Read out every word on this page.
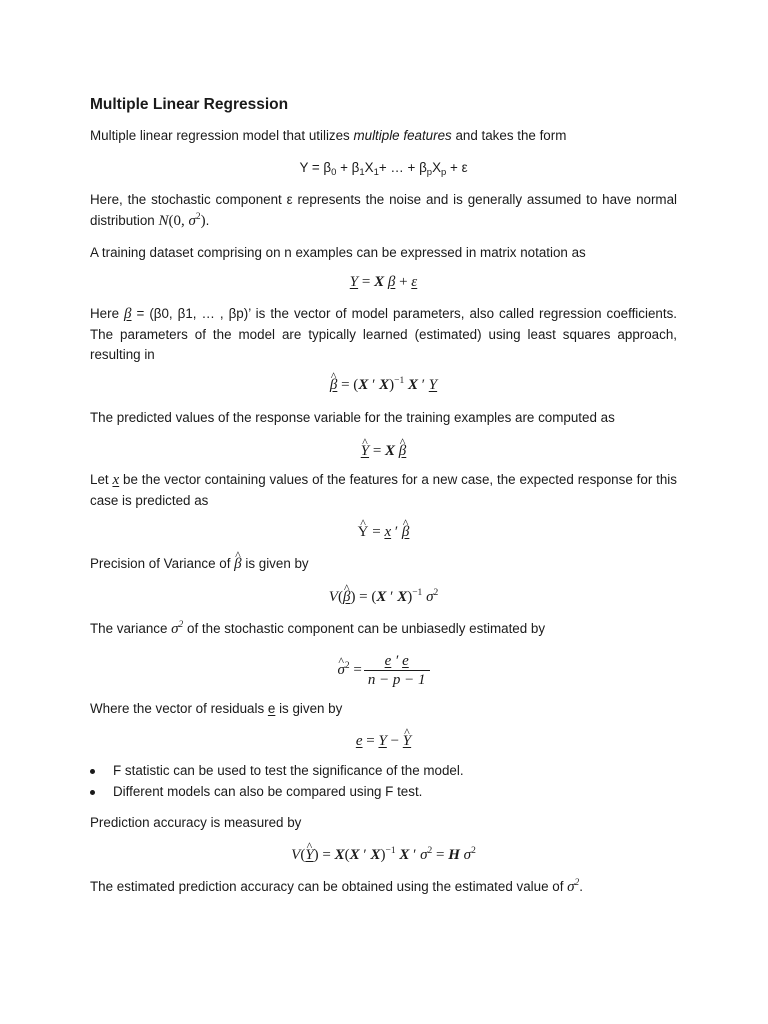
Multiple Linear Regression
Multiple linear regression model that utilizes multiple features and takes the form
$Y = \beta_0 + \beta_1X_1+$ … + $\beta_pX_p + \varepsilon$
Here, the stochastic component ε represents the noise and is generally assumed to have normal distribution N(0, $\sigma^2$).
A training dataset comprising on n examples can be expressed in matrix notation as
Y = X β + ε
Here β = (β0, β1, … , βp)’ is the vector of model parameters, also called regression coefficients. The parameters of the model are typically learned (estimated) using least squares approach, resulting in
^ β = (X ′ X)$^{-1}$ X ′ Y
The predicted values of the response variable for the training examples are computed as
^ Y = X ^ β
Let x be the vector containing values of the features for a new case, the expected response for this case is predicted as
^ Y = x ′ ^ β
Precision of Variance of ^ β is given by
V(^ β) = (X ′ X)$^{-1}$ $\sigma^2$
The variance $\sigma^2$ of the stochastic component can be unbiasedly estimated by
^ $\sigma^2 = \frac{e ' e}{n - p - 1}$
Where the vector of residuals e is given by
e = Y − ^ Y
F statistic can be used to test the significance of the model.
Different models can also be compared using F test.
Prediction accuracy is measured by
V(^ Y) = X(X ′ X)$^{-1}$ X ′ $\sigma^2 = H$ $\sigma^2$
The estimated prediction accuracy can be obtained using the estimated value of $\sigma^2$.
